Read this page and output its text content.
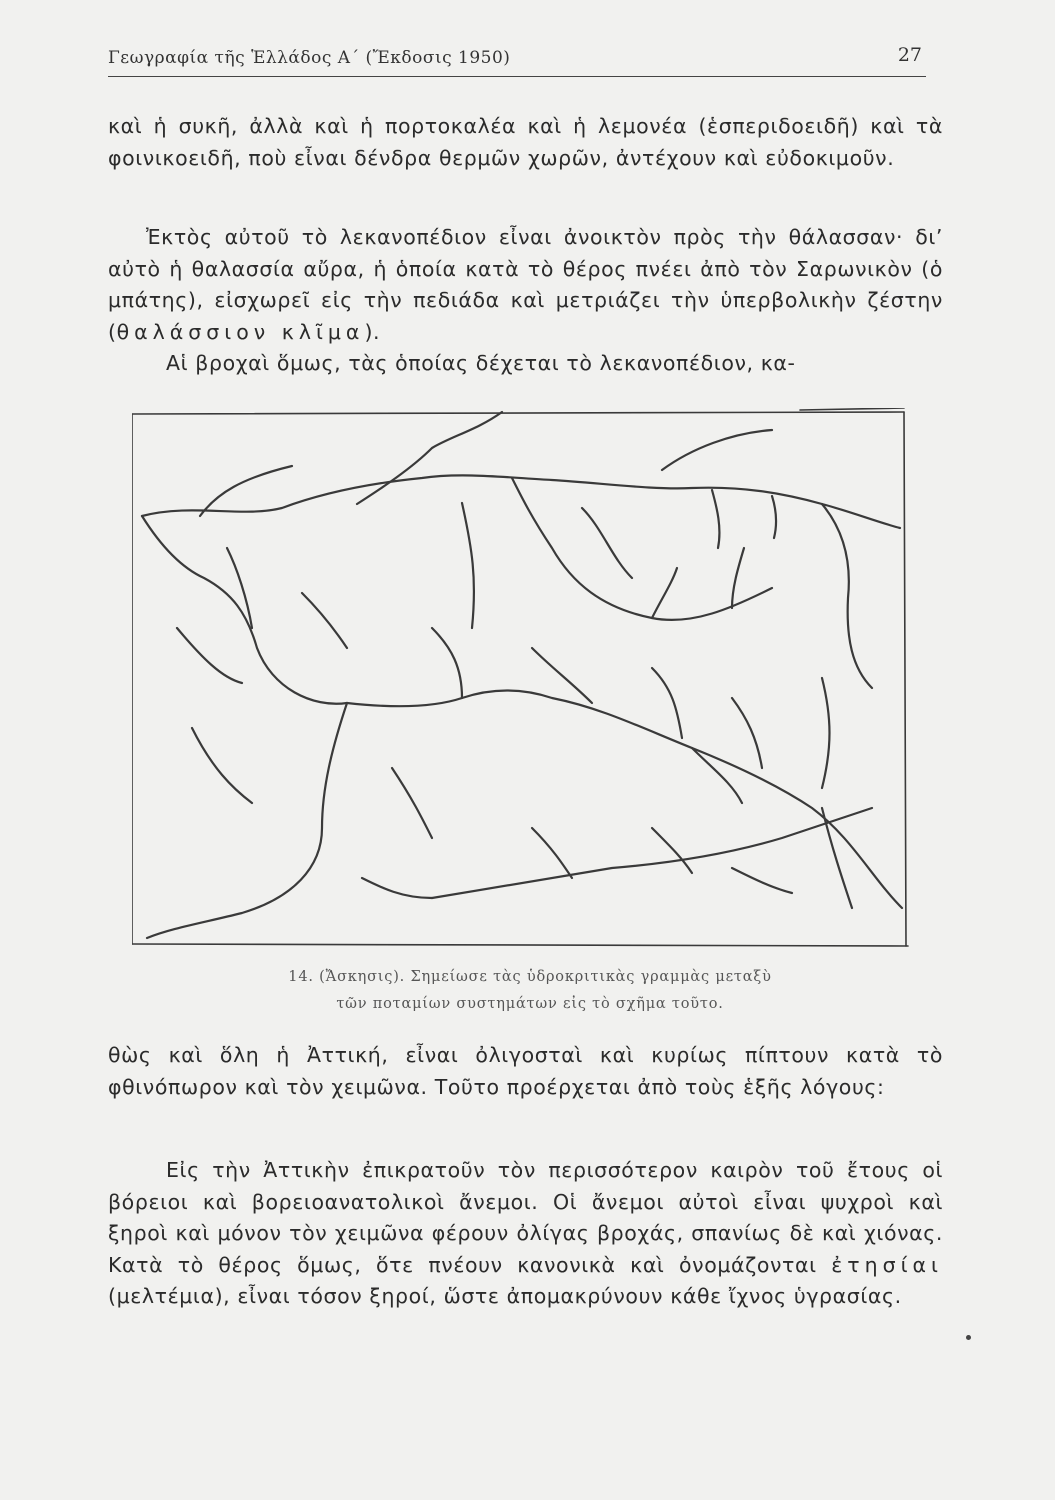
Γεωγραφία τῆς Ἑλλάδος Α΄ (Ἔκδοσις 1950)	27

καὶ ἡ συκῆ, ἀλλὰ καὶ ἡ πορτοκαλέα καὶ ἡ λεμονέα (ἑσπεριδοειδῆ) καὶ τὰ φοινικοειδῆ, ποὺ εἶναι δένδρα θερμῶν χωρῶν, ἀντέχουν καὶ εὐδοκιμοῦν.

Ἐκτὸς αὐτοῦ τὸ λεκανοπέδιον εἶναι ἀνοικτὸν πρὸς τὴν θάλασσαν· δι’ αὐτὸ ἡ θαλασσία αὔρα, ἡ ὁποία κατὰ τὸ θέρος πνέει ἀπὸ τὸν Σαρωνικὸν (ὁ μπάτης), εἰσχωρεῖ εἰς τὴν πεδιάδα καὶ μετριάζει τὴν ὑπερβολικὴν ζέστην (θαλάσσιον κλῖμα).
Αἱ βροχαὶ ὅμως, τὰς ὁποίας δέχεται τὸ λεκανοπέδιον, κα-

14. (Ἄσκησις). Σημείωσε τὰς ὑδροκριτικὰς γραμμὰς μεταξὺ
τῶν ποταμίων συστημάτων εἰς τὸ σχῆμα τοῦτο.

θὼς καὶ ὅλη ἡ Ἀττική, εἶναι ὀλιγοσταὶ καὶ κυρίως πίπτουν κατὰ τὸ φθινόπωρον καὶ τὸν χειμῶνα. Τοῦτο προέρχεται ἀπὸ τοὺς ἑξῆς λόγους:

Εἰς τὴν Ἀττικὴν ἐπικρατοῦν τὸν περισσότερον καιρὸν τοῦ ἔτους οἱ βόρειοι καὶ βορειοανατολικοὶ ἄνεμοι. Οἱ ἄνεμοι αὐτοὶ εἶναι ψυχροὶ καὶ ξηροὶ καὶ μόνον τὸν χειμῶνα φέρουν ὀλίγας βροχάς, σπανίως δὲ καὶ χιόνας. Κατὰ τὸ θέρος ὅμως, ὅτε πνέουν κανονικὰ καὶ ὀνομάζονται ἐτησίαι (μελτέμια), εἶναι τόσον ξηροί, ὥστε ἀπομακρύνουν κάθε ἴχνος ὑγρασίας.
